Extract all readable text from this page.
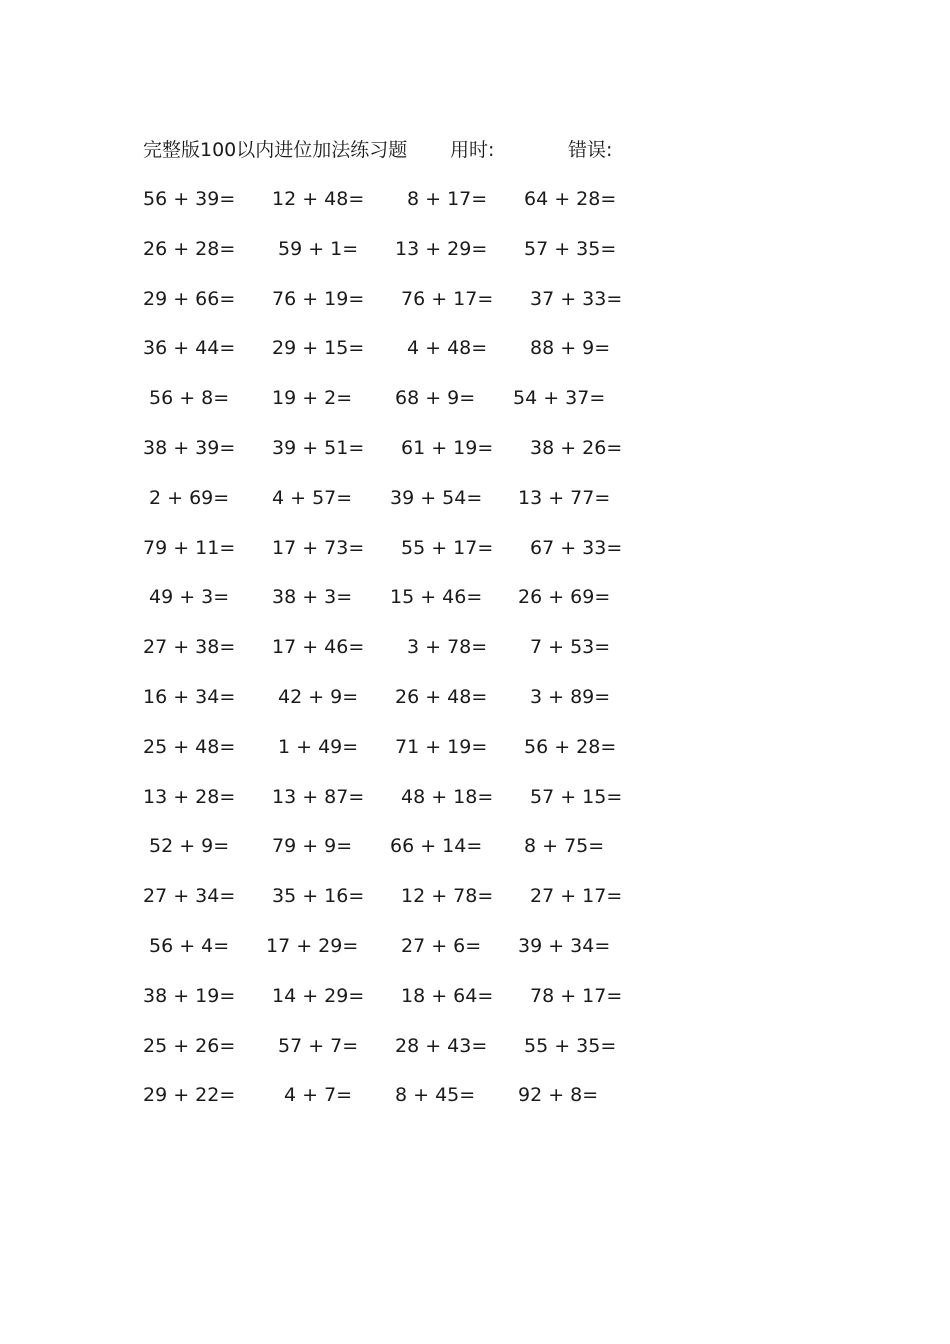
完整版100以内进位加法练习题 用时:	错误:
56 + 39= 12 + 48= 8 + 17= 64 + 28=
26 + 28= 59 + 1= 13 + 29= 57 + 35=
29 + 66= 76 + 19= 76 + 17= 37 + 33=
36 + 44= 29 + 15= 4 + 48= 88 + 9=
56 + 8= 19 + 2= 68 + 9= 54 + 37=
38 + 39= 39 + 51= 61 + 19= 38 + 26=
2 + 69= 4 + 57= 39 + 54= 13 + 77=
79 + 11= 17 + 73= 55 + 17= 67 + 33=
49 + 3= 38 + 3= 15 + 46= 26 + 69=
27 + 38= 17 + 46= 3 + 78= 7 + 53=
16 + 34= 42 + 9= 26 + 48= 3 + 89=
25 + 48= 1 + 49= 71 + 19= 56 + 28=
13 + 28= 13 + 87= 48 + 18= 57 + 15=
52 + 9= 79 + 9= 66 + 14= 8 + 75=
27 + 34= 35 + 16= 12 + 78= 27 + 17=
56 + 4= 17 + 29= 27 + 6= 39 + 34=
38 + 19= 14 + 29= 18 + 64= 78 + 17=
25 + 26= 57 + 7= 28 + 43= 55 + 35=
29 + 22=	4 + 7= 8 + 45= 92 + 8=
